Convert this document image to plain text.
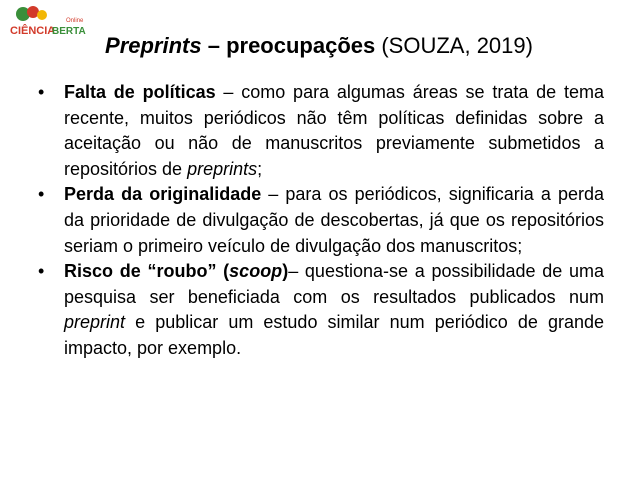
CIÊNCIA
BERTA
Online
Preprints – preocupações (SOUZA, 2019)
• Falta de políticas – como para algumas áreas se trata de tema recente, muitos periódicos não têm políticas definidas sobre a aceitação ou não de manuscritos previamente submetidos a repositórios de preprints;
• Perda da originalidade – para os periódicos, significaria a perda da prioridade de divulgação de descobertas, já que os repositórios seriam o primeiro veículo de divulgação dos manuscritos;
• Risco de “roubo” (scoop)– questiona-se a possibilidade de uma pesquisa ser beneficiada com os resultados publicados num preprint e publicar um estudo similar num periódico de grande impacto, por exemplo.
